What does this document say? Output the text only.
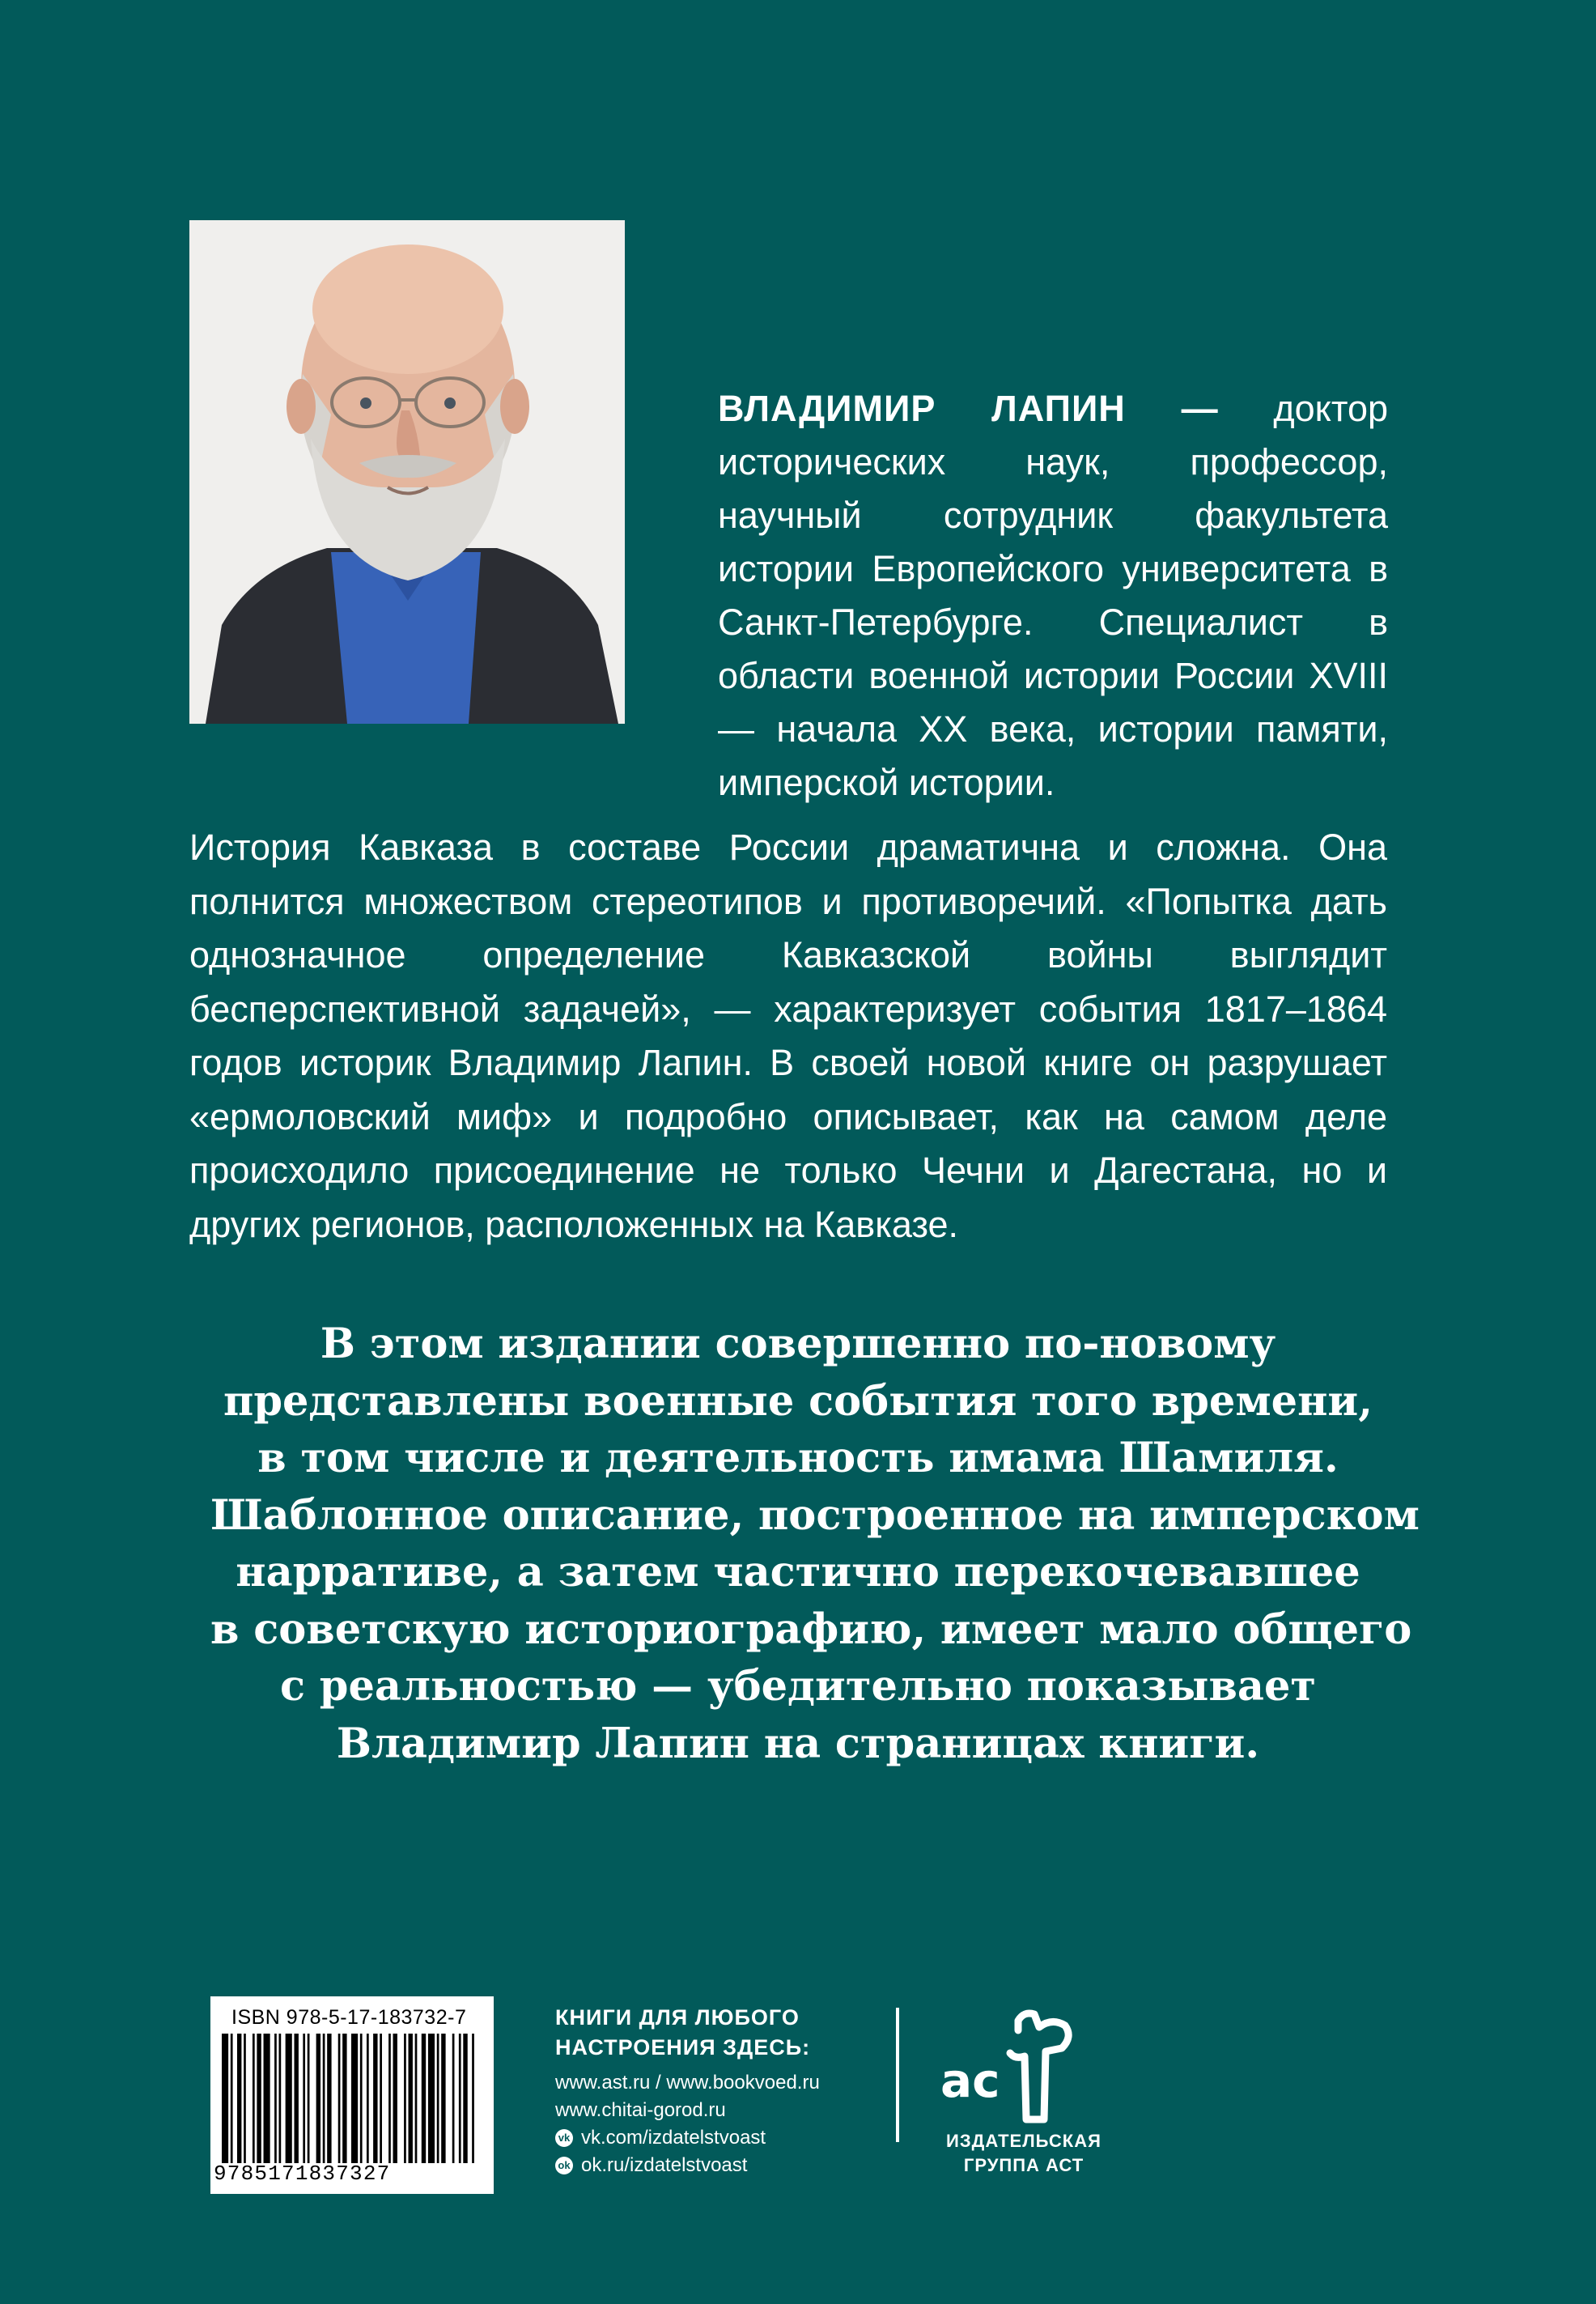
ВЛАДИМИР ЛАПИН — доктор исторических наук, профессор, научный сотрудник факультета истории Европейского университета в Санкт-Петербурге. Специалист в области военной истории России XVIII — начала XX века, истории памяти, имперской истории.
История Кавказа в составе России драматична и сложна. Она полнится множеством стереотипов и противоречий. «Попытка дать однозначное определение Кавказской войны выглядит бесперспективной задачей», — характеризует события 1817–1864 годов историк Владимир Лапин. В своей новой книге он разрушает «ермоловский миф» и подробно описывает, как на самом деле происходило присоединение не только Чечни и Дагестана, но и других регионов, расположенных на Кавказе.
В этом издании совершенно по-новому
представлены военные события того времени,
в том числе и деятельность имама Шамиля.
Шаблонное описание, построенное на имперском
нарративе, а затем частично перекочевавшее
в советскую историографию, имеет мало общего
с реальностью — убедительно показывает
Владимир Лапин на страницах книги.
ISBN 978-5-17-183732-7
9785171837327
КНИГИ ДЛЯ ЛЮБОГО
НАСТРОЕНИЯ ЗДЕСЬ:
www.ast.ru / www.bookvoed.ru
www.chitai-gorod.ru
vk vk.com/izdatelstvoast
ok ok.ru/izdatelstvoast
ас
ИЗДАТЕЛЬСКАЯ
ГРУППА АСТ
